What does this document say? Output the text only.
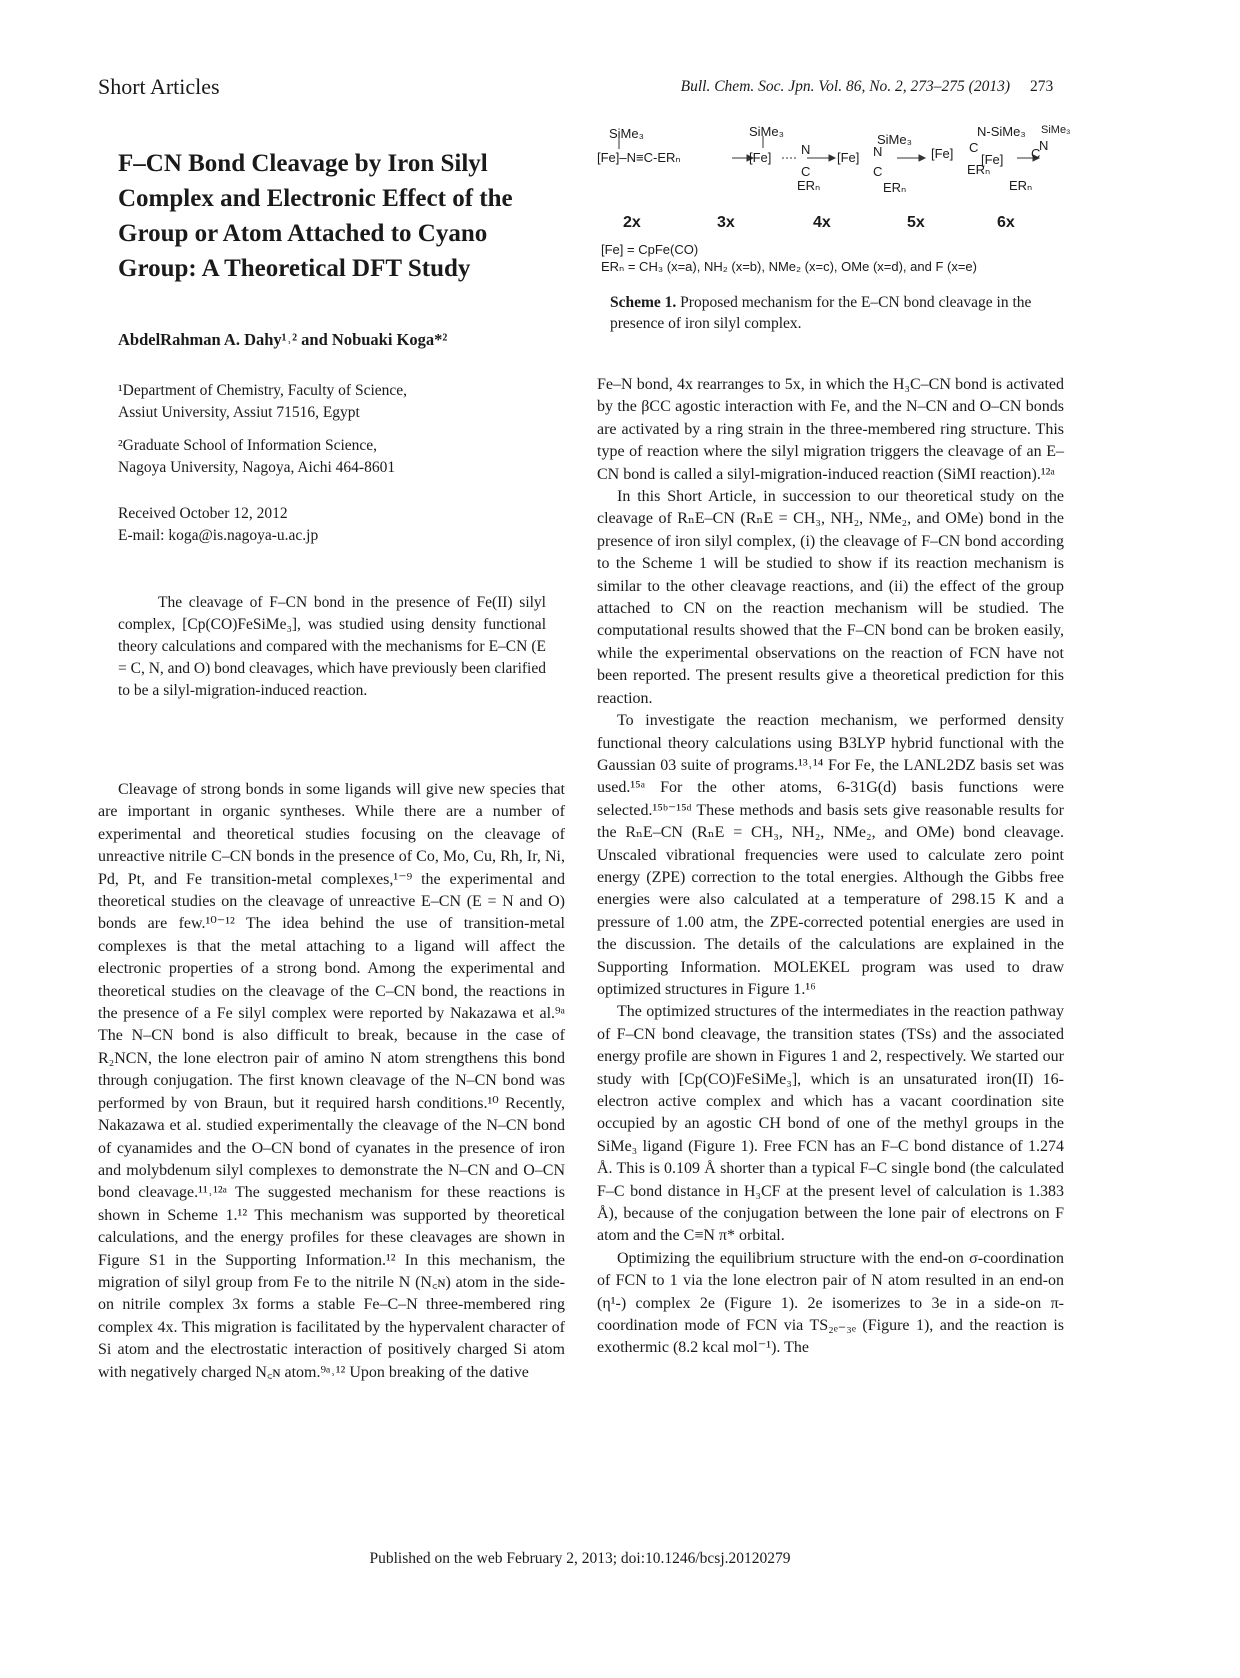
Short Articles	Bull. Chem. Soc. Jpn. Vol. 86, No. 2, 273–275 (2013) 273
F–CN Bond Cleavage by Iron Silyl Complex and Electronic Effect of the Group or Atom Attached to Cyano Group: A Theoretical DFT Study
AbdelRahman A. Dahy¹˒² and Nobuaki Koga*²
¹Department of Chemistry, Faculty of Science,
Assiut University, Assiut 71516, Egypt
²Graduate School of Information Science,
Nagoya University, Nagoya, Aichi 464-8601
Received October 12, 2012
E-mail: koga@is.nagoya-u.ac.jp
The cleavage of F–CN bond in the presence of Fe(II) silyl complex, [Cp(CO)FeSiMe₃], was studied using density functional theory calculations and compared with the mechanisms for E–CN (E = C, N, and O) bond cleavages, which have previously been clarified to be a silyl-migration-induced reaction.
SiMe₃
[Fe]–N≡C-ERₙ
SiMe₃
[Fe]
N
C
ERₙ
SiMe₃
[Fe] N
C
ERₙ
N-SiMe₃
[Fe] C
ERₙ
SiMe₃
N
C
[Fe]
ERₙ
2x	3x	4x	5x	6x
[Fe] = CpFe(CO)
ERₙ = CH₃ (x=a), NH₂ (x=b), NMe₂ (x=c), OMe (x=d), and F (x=e)
Scheme 1. Proposed mechanism for the E–CN bond cleavage in the presence of iron silyl complex.

Cleavage of strong bonds in some ligands will give new species that are important in organic syntheses. While there are a number of experimental and theoretical studies focusing on the cleavage of unreactive nitrile C–CN bonds in the presence of Co, Mo, Cu, Rh, Ir, Ni, Pd, Pt, and Fe transition-metal complexes,¹⁻⁹ the experimental and theoretical studies on the cleavage of unreactive E–CN (E = N and O) bonds are few.¹⁰⁻¹² The idea behind the use of transition-metal complexes is that the metal attaching to a ligand will affect the electronic properties of a strong bond. Among the experimental and theoretical studies on the cleavage of the C–CN bond, the reactions in the presence of a Fe silyl complex were reported by Nakazawa et al.⁹ᵃ The N–CN bond is also difficult to break, because in the case of R₂NCN, the lone electron pair of amino N atom strengthens this bond through conjugation. The first known cleavage of the N–CN bond was performed by von Braun, but it required harsh conditions.¹⁰ Recently, Nakazawa et al. studied experimentally the cleavage of the N–CN bond of cyanamides and the O–CN bond of cyanates in the presence of iron and molybdenum silyl complexes to demonstrate the N–CN and O–CN bond cleavage.¹¹˒¹²ᵃ The suggested mechanism for these reactions is shown in Scheme 1.¹² This mechanism was supported by theoretical calculations, and the energy profiles for these cleavages are shown in Figure S1 in the Supporting Information.¹² In this mechanism, the migration of silyl group from Fe to the nitrile N (N꜀ɴ) atom in the side-on nitrile complex 3x forms a stable Fe–C–N three-membered ring complex 4x. This migration is facilitated by the hypervalent character of Si atom and the electrostatic interaction of positively charged Si atom with negatively charged N꜀ɴ atom.⁹ᵃ˒¹² Upon breaking of the dative

Fe–N bond, 4x rearranges to 5x, in which the H₃C–CN bond is activated by the βCC agostic interaction with Fe, and the N–CN and O–CN bonds are activated by a ring strain in the three-membered ring structure. This type of reaction where the silyl migration triggers the cleavage of an E–CN bond is called a silyl-migration-induced reaction (SiMI reaction).¹²ᵃ

In this Short Article, in succession to our theoretical study on the cleavage of RₙE–CN (RₙE = CH₃, NH₂, NMe₂, and OMe) bond in the presence of iron silyl complex, (i) the cleavage of F–CN bond according to the Scheme 1 will be studied to show if its reaction mechanism is similar to the other cleavage reactions, and (ii) the effect of the group attached to CN on the reaction mechanism will be studied. The computational results showed that the F–CN bond can be broken easily, while the experimental observations on the reaction of FCN have not been reported. The present results give a theoretical prediction for this reaction.

To investigate the reaction mechanism, we performed density functional theory calculations using B3LYP hybrid functional with the Gaussian 03 suite of programs.¹³˒¹⁴ For Fe, the LANL2DZ basis set was used.¹⁵ᵃ For the other atoms, 6-31G(d) basis functions were selected.¹⁵ᵇ⁻¹⁵ᵈ These methods and basis sets give reasonable results for the RₙE–CN (RₙE = CH₃, NH₂, NMe₂, and OMe) bond cleavage. Unscaled vibrational frequencies were used to calculate zero point energy (ZPE) correction to the total energies. Although the Gibbs free energies were also calculated at a temperature of 298.15 K and a pressure of 1.00 atm, the ZPE-corrected potential energies are used in the discussion. The details of the calculations are explained in the Supporting Information. MOLEKEL program was used to draw optimized structures in Figure 1.¹⁶

The optimized structures of the intermediates in the reaction pathway of F–CN bond cleavage, the transition states (TSs) and the associated energy profile are shown in Figures 1 and 2, respectively. We started our study with [Cp(CO)FeSiMe₃], which is an unsaturated iron(II) 16-electron active complex and which has a vacant coordination site occupied by an agostic CH bond of one of the methyl groups in the SiMe₃ ligand (Figure 1). Free FCN has an F–C bond distance of 1.274 Å. This is 0.109 Å shorter than a typical F–C single bond (the calculated F–C bond distance in H₃CF at the present level of calculation is 1.383 Å), because of the conjugation between the lone pair of electrons on F atom and the C≡N π* orbital.

Optimizing the equilibrium structure with the end-on σ-coordination of FCN to 1 via the lone electron pair of N atom resulted in an end-on (η¹-) complex 2e (Figure 1). 2e isomerizes to 3e in a side-on π-coordination mode of FCN via TS₂ₑ₋₃ₑ (Figure 1), and the reaction is exothermic (8.2 kcal mol⁻¹). The

Published on the web February 2, 2013; doi:10.1246/bcsj.20120279
